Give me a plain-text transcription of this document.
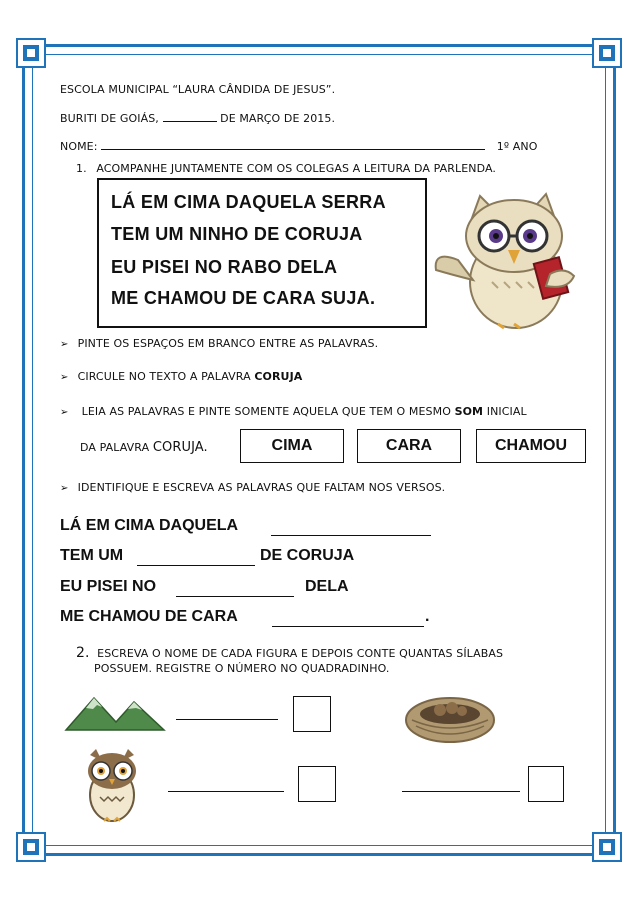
ESCOLA MUNICIPAL “LAURA CÂNDIDA DE JESUS”.
BURITI DE GOIÁS,	DE MARÇO DE 2015.
NOME:	1º ANO
1. ACOMPANHE JUNTAMENTE COM OS COLEGAS A LEITURA DA PARLENDA.
LÁ EM CIMA DAQUELA SERRA
TEM UM NINHO DE CORUJA
EU PISEI NO RABO DELA
ME CHAMOU DE CARA SUJA.
➢ PINTE OS ESPAÇOS EM BRANCO ENTRE AS PALAVRAS.
➢ CIRCULE NO TEXTO A PALAVRA CORUJA
➢ LEIA AS PALAVRAS E PINTE SOMENTE AQUELA QUE TEM O MESMO SOM INICIAL
DA PALAVRA CORUJA.	CIMA	CARA	CHAMOU
➢ IDENTIFIQUE E ESCREVA AS PALAVRAS QUE FALTAM NOS VERSOS.
LÁ EM CIMA DAQUELA
TEM UM	DE CORUJA
EU PISEI NO	DELA
ME CHAMOU DE CARA	.
2. ESCREVA O NOME DE CADA FIGURA E DEPOIS CONTE QUANTAS SÍLABAS
POSSUEM. REGISTRE O NÚMERO NO QUADRADINHO.
